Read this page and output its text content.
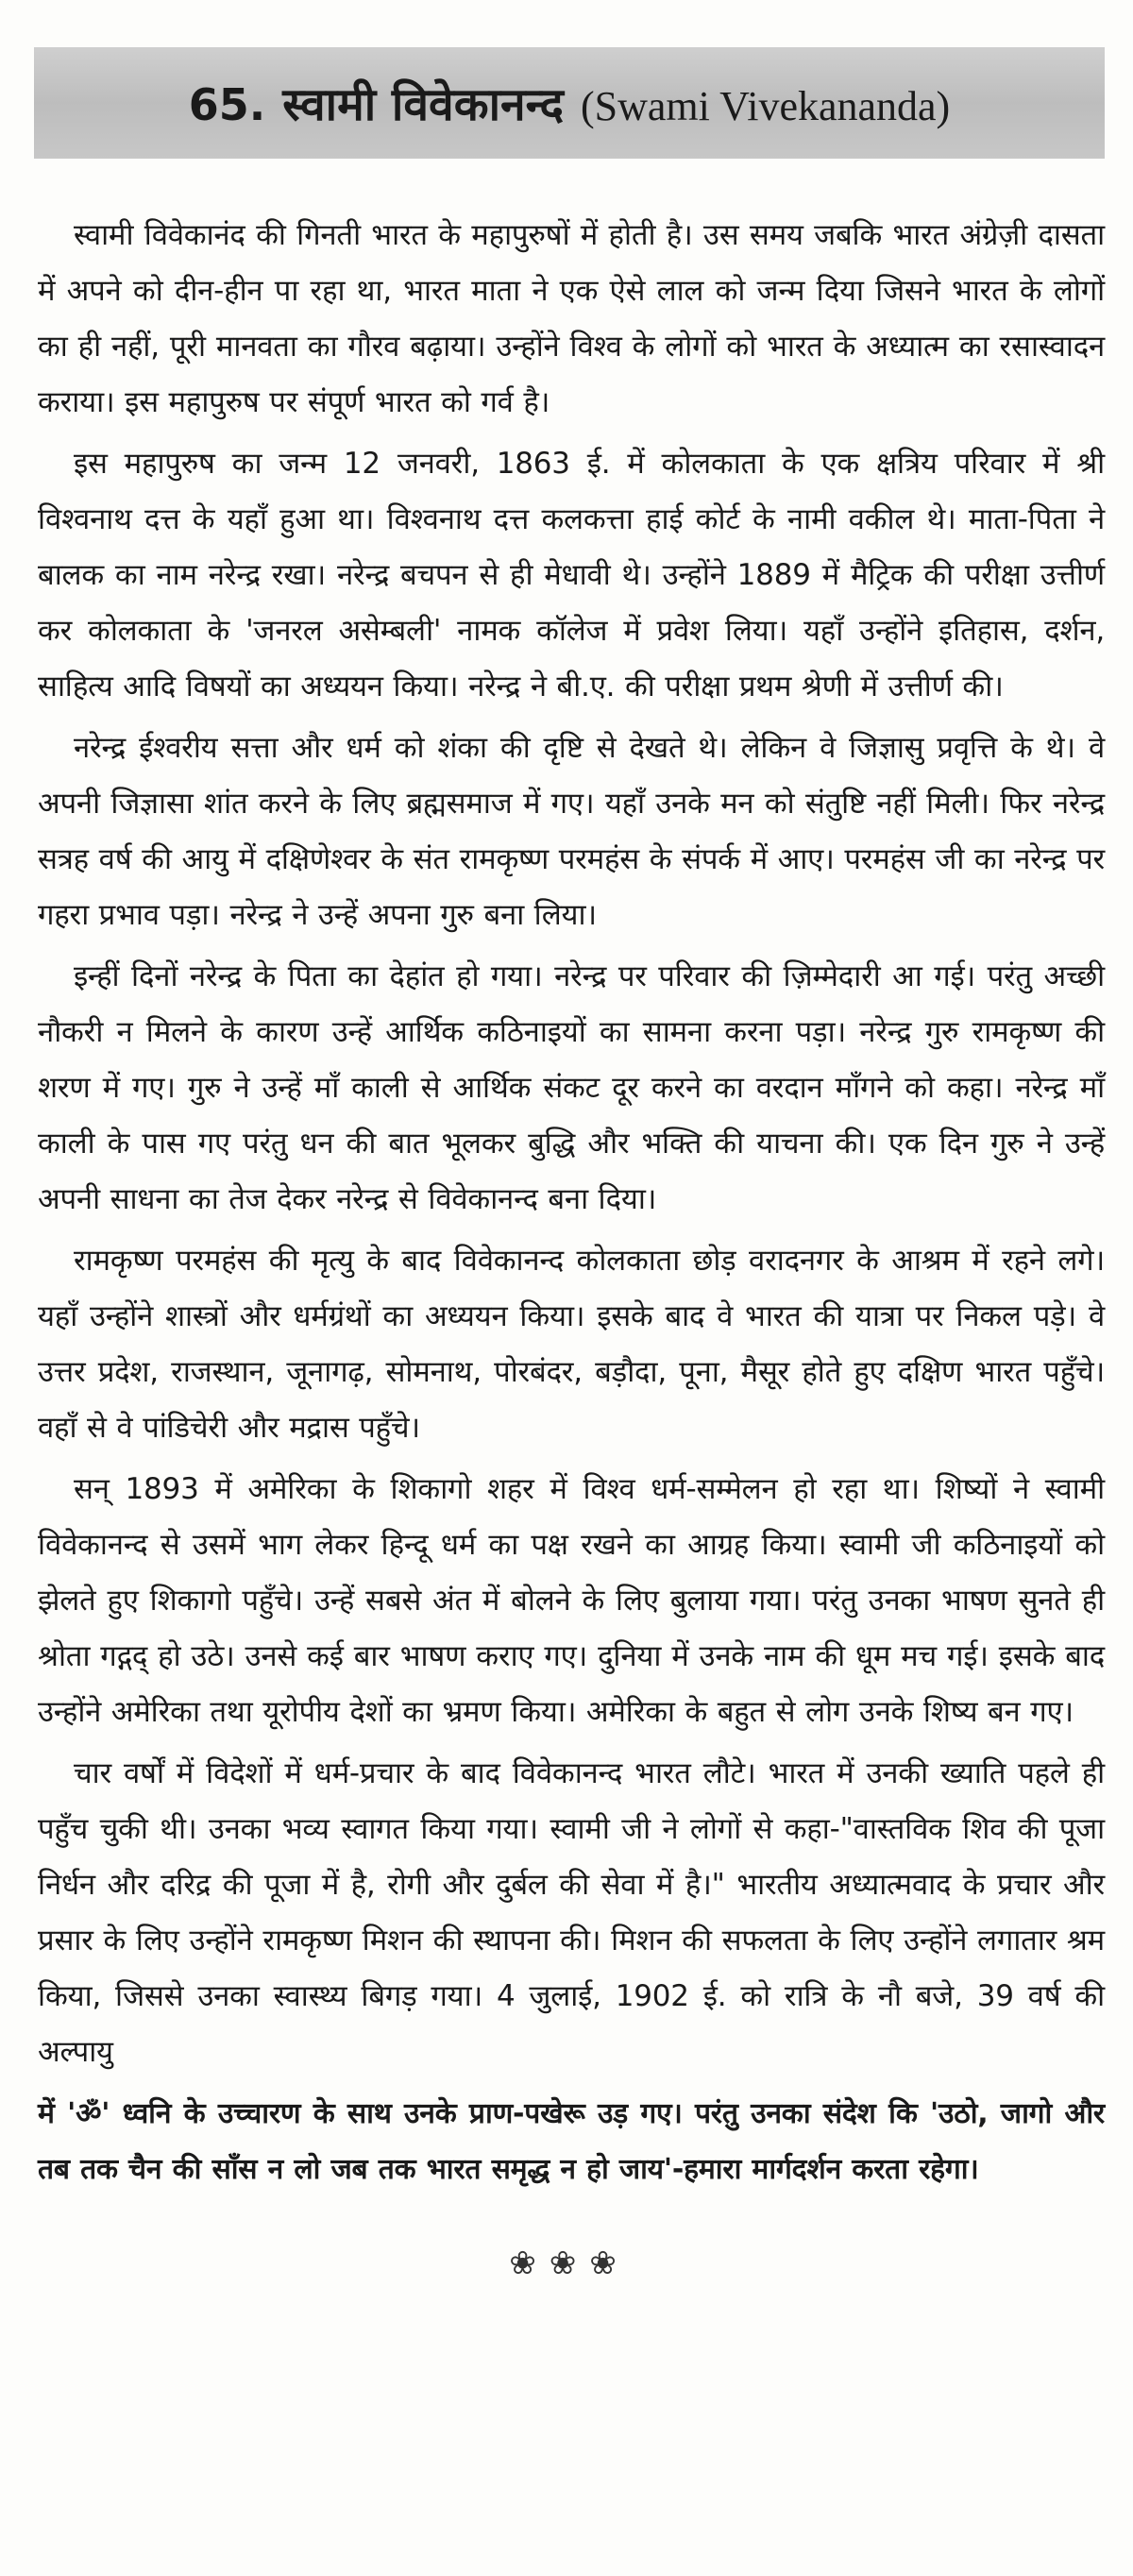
65. स्वामी विवेकानन्द (Swami Vivekananda)

स्वामी विवेकानंद की गिनती भारत के महापुरुषों में होती है। उस समय जबकि भारत अंग्रेज़ी दासता में अपने को दीन-हीन पा रहा था, भारत माता ने एक ऐसे लाल को जन्म दिया जिसने भारत के लोगों का ही नहीं, पूरी मानवता का गौरव बढ़ाया। उन्होंने विश्व के लोगों को भारत के अध्यात्म का रसास्वादन कराया। इस महापुरुष पर संपूर्ण भारत को गर्व है।

इस महापुरुष का जन्म 12 जनवरी, 1863 ई. में कोलकाता के एक क्षत्रिय परिवार में श्री विश्वनाथ दत्त के यहाँ हुआ था। विश्वनाथ दत्त कलकत्ता हाई कोर्ट के नामी वकील थे। माता-पिता ने बालक का नाम नरेन्द्र रखा। नरेन्द्र बचपन से ही मेधावी थे। उन्होंने 1889 में मैट्रिक की परीक्षा उत्तीर्ण कर कोलकाता के 'जनरल असेम्बली' नामक कॉलेज में प्रवेश लिया। यहाँ उन्होंने इतिहास, दर्शन, साहित्य आदि विषयों का अध्ययन किया। नरेन्द्र ने बी.ए. की परीक्षा प्रथम श्रेणी में उत्तीर्ण की।

नरेन्द्र ईश्वरीय सत्ता और धर्म को शंका की दृष्टि से देखते थे। लेकिन वे जिज्ञासु प्रवृत्ति के थे। वे अपनी जिज्ञासा शांत करने के लिए ब्रह्मसमाज में गए। यहाँ उनके मन को संतुष्टि नहीं मिली। फिर नरेन्द्र सत्रह वर्ष की आयु में दक्षिणेश्वर के संत रामकृष्ण परमहंस के संपर्क में आए। परमहंस जी का नरेन्द्र पर गहरा प्रभाव पड़ा। नरेन्द्र ने उन्हें अपना गुरु बना लिया।

इन्हीं दिनों नरेन्द्र के पिता का देहांत हो गया। नरेन्द्र पर परिवार की ज़िम्मेदारी आ गई। परंतु अच्छी नौकरी न मिलने के कारण उन्हें आर्थिक कठिनाइयों का सामना करना पड़ा। नरेन्द्र गुरु रामकृष्ण की शरण में गए। गुरु ने उन्हें माँ काली से आर्थिक संकट दूर करने का वरदान माँगने को कहा। नरेन्द्र माँ काली के पास गए परंतु धन की बात भूलकर बुद्धि और भक्ति की याचना की। एक दिन गुरु ने उन्हें अपनी साधना का तेज देकर नरेन्द्र से विवेकानन्द बना दिया।

रामकृष्ण परमहंस की मृत्यु के बाद विवेकानन्द कोलकाता छोड़ वरादनगर के आश्रम में रहने लगे। यहाँ उन्होंने शास्त्रों और धर्मग्रंथों का अध्ययन किया। इसके बाद वे भारत की यात्रा पर निकल पड़े। वे उत्तर प्रदेश, राजस्थान, जूनागढ़, सोमनाथ, पोरबंदर, बड़ौदा, पूना, मैसूर होते हुए दक्षिण भारत पहुँचे। वहाँ से वे पांडिचेरी और मद्रास पहुँचे।

सन् 1893 में अमेरिका के शिकागो शहर में विश्व धर्म-सम्मेलन हो रहा था। शिष्यों ने स्वामी विवेकानन्द से उसमें भाग लेकर हिन्दू धर्म का पक्ष रखने का आग्रह किया। स्वामी जी कठिनाइयों को झेलते हुए शिकागो पहुँचे। उन्हें सबसे अंत में बोलने के लिए बुलाया गया। परंतु उनका भाषण सुनते ही श्रोता गद्गद् हो उठे। उनसे कई बार भाषण कराए गए। दुनिया में उनके नाम की धूम मच गई। इसके बाद उन्होंने अमेरिका तथा यूरोपीय देशों का भ्रमण किया। अमेरिका के बहुत से लोग उनके शिष्य बन गए।

चार वर्षों में विदेशों में धर्म-प्रचार के बाद विवेकानन्द भारत लौटे। भारत में उनकी ख्याति पहले ही पहुँच चुकी थी। उनका भव्य स्वागत किया गया। स्वामी जी ने लोगों से कहा-"वास्तविक शिव की पूजा निर्धन और दरिद्र की पूजा में है, रोगी और दुर्बल की सेवा में है।" भारतीय अध्यात्मवाद के प्रचार और प्रसार के लिए उन्होंने रामकृष्ण मिशन की स्थापना की। मिशन की सफलता के लिए उन्होंने लगातार श्रम किया, जिससे उनका स्वास्थ्य बिगड़ गया। 4 जुलाई, 1902 ई. को रात्रि के नौ बजे, 39 वर्ष की अल्पायु

में 'ॐ' ध्वनि के उच्चारण के साथ उनके प्राण-पखेरू उड़ गए। परंतु उनका संदेश कि 'उठो, जागो और तब तक चैन की साँस न लो जब तक भारत समृद्ध न हो जाय'-हमारा मार्गदर्शन करता रहेगा।

❀❀❀
